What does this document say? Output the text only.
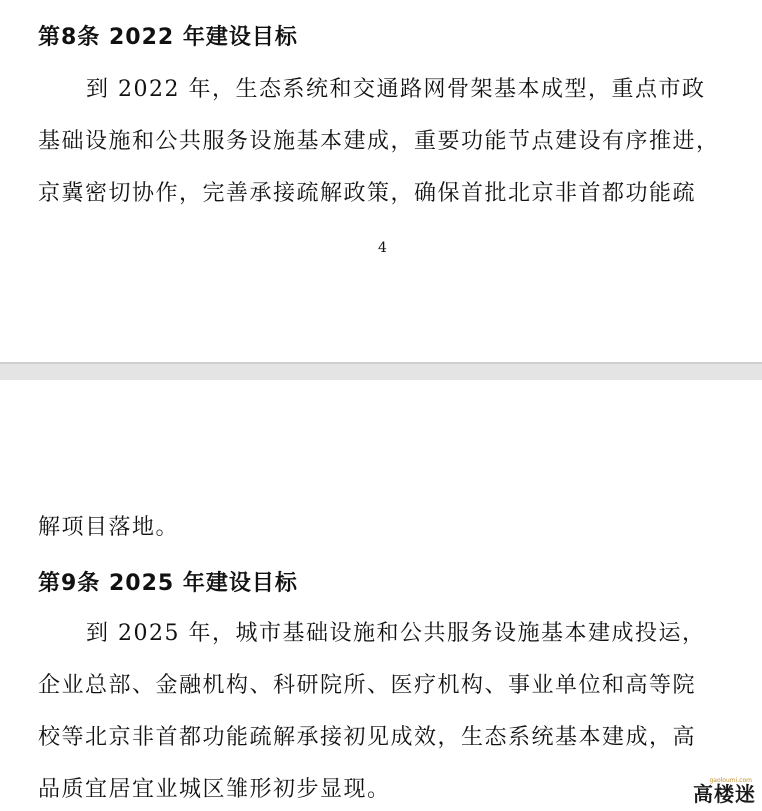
第8条 2022 年建设目标
到 2022 年，生态系统和交通路网骨架基本成型，重点市政
基础设施和公共服务设施基本建成，重要功能节点建设有序推进，
京冀密切协作，完善承接疏解政策，确保首批北京非首都功能疏
4
解项目落地。
第9条 2025 年建设目标
到 2025 年，城市基础设施和公共服务设施基本建成投运，
企业总部、金融机构、科研院所、医疗机构、事业单位和高等院
校等北京非首都功能疏解承接初见成效，生态系统基本建成，高
品质宜居宜业城区雏形初步显现。	gaoloumi.com
高楼迷
